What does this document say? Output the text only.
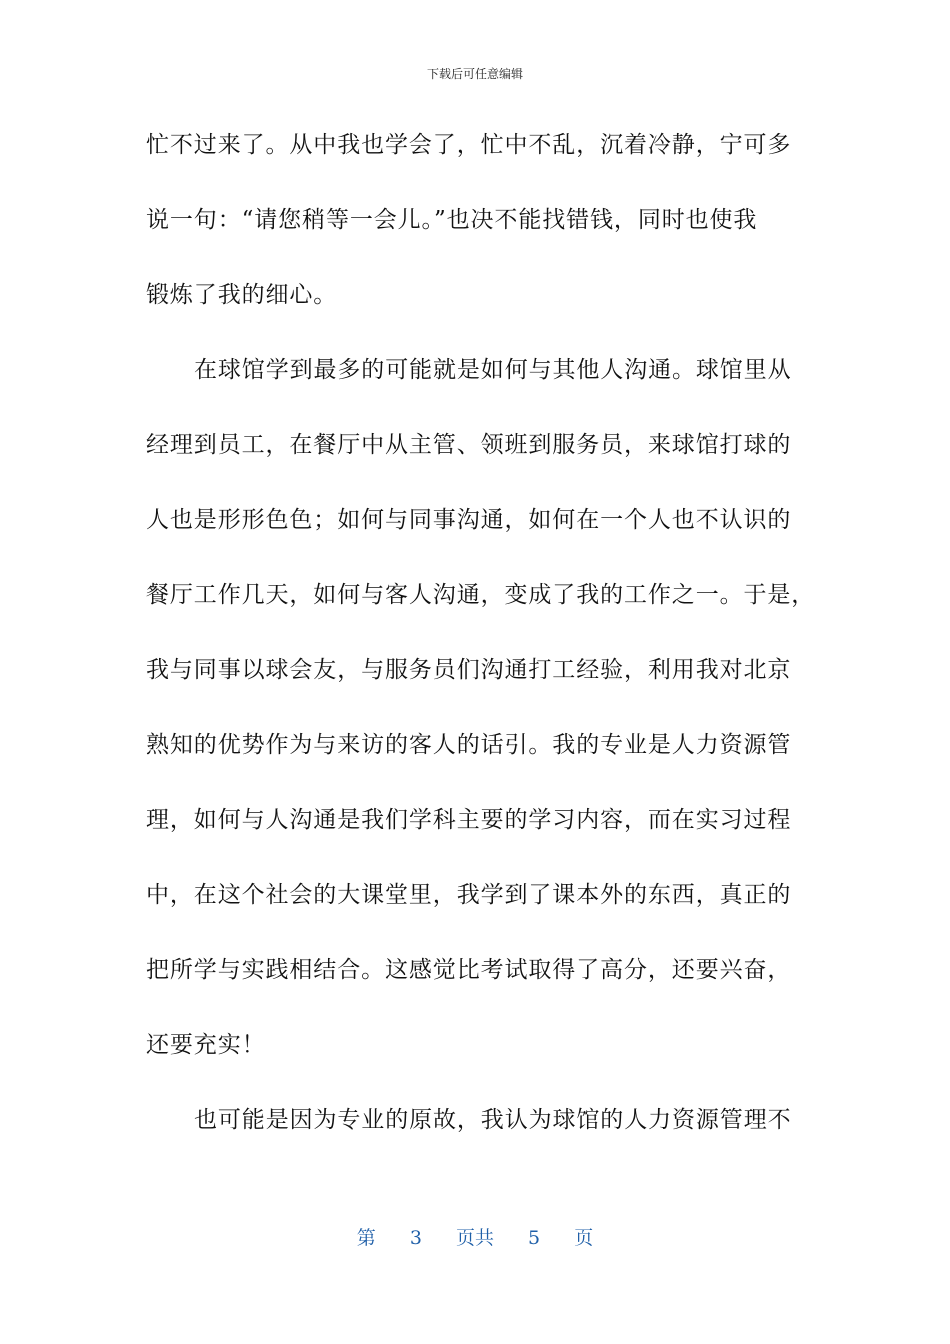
下载后可任意编辑
忙不过来了。从中我也学会了，忙中不乱，沉着冷静，宁可多
说一句：“请您稍等一会儿。”也决不能找错钱，同时也使我
锻炼了我的细心。
在球馆学到最多的可能就是如何与其他人沟通。球馆里从
经理到员工，在餐厅中从主管、领班到服务员，来球馆打球的
人也是形形色色；如何与同事沟通，如何在一个人也不认识的
餐厅工作几天，如何与客人沟通，变成了我的工作之一。于是，
我与同事以球会友，与服务员们沟通打工经验，利用我对北京
熟知的优势作为与来访的客人的话引。我的专业是人力资源管
理，如何与人沟通是我们学科主要的学习内容，而在实习过程
中，在这个社会的大课堂里，我学到了课本外的东西，真正的
把所学与实践相结合。这感觉比考试取得了高分，还要兴奋，
还要充实！
也可能是因为专业的原故，我认为球馆的人力资源管理不
第 3 页共 5 页
